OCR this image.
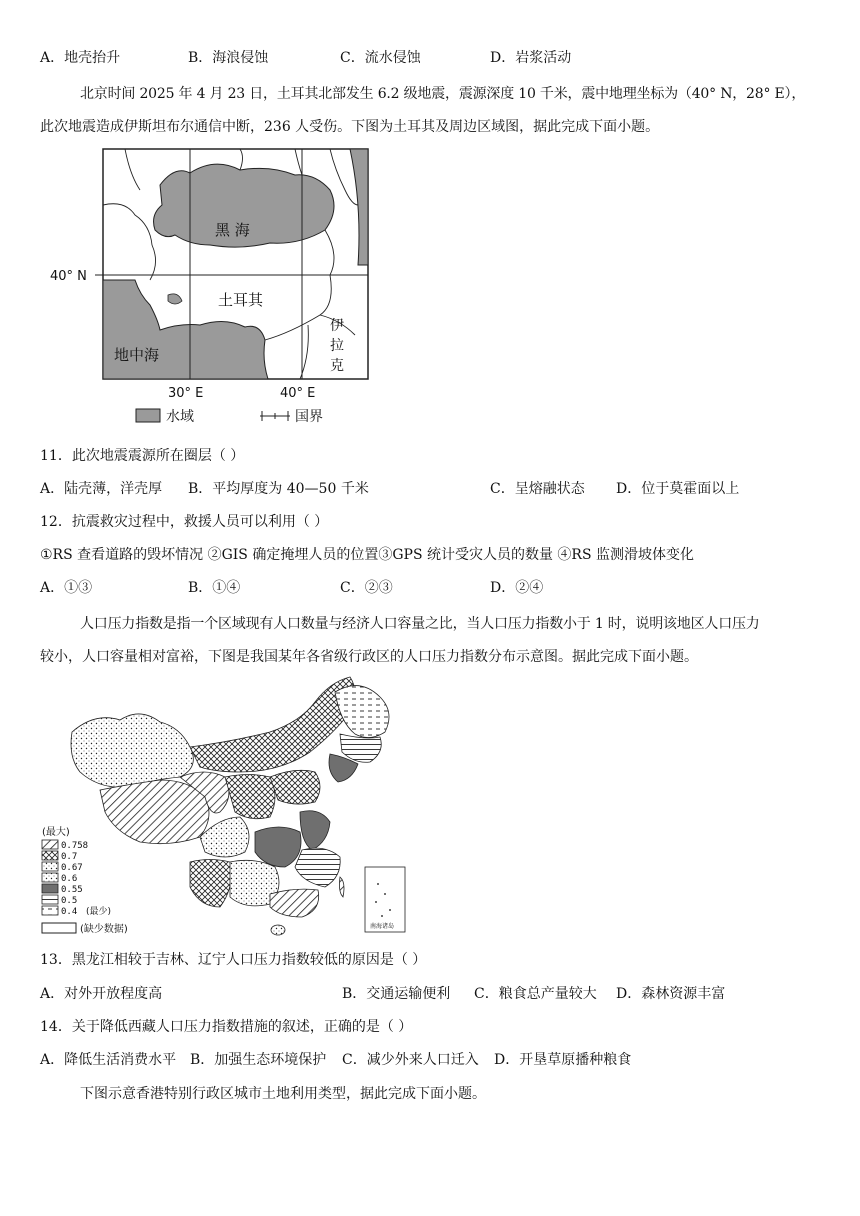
A．地壳抬升	B．海浪侵蚀	C．流水侵蚀	D．岩浆活动
北京时间 2025 年 4 月 23 日，土耳其北部发生 6.2 级地震，震源深度 10 千米，震中地理坐标为（40° N，28° E），
此次地震造成伊斯坦布尔通信中断，236 人受伤。下图为土耳其及周边区域图，据此完成下面小题。
黑 海
土耳其
地中海
伊
拉
克
40° N
30° E	40° E
水域	国界
11．此次地震震源所在圈层（ ）
A．陆壳薄，洋壳厚 B．平均厚度为 40—50 千米	C．呈熔融状态 D．位于莫霍面以上
12．抗震救灾过程中，救援人员可以利用（ ）
①RS 查看道路的毁坏情况 ②GIS 确定掩埋人员的位置③GPS 统计受灾人员的数量 ④RS 监测滑坡体变化
A．①③	B．①④	C．②③	D．②④
人口压力指数是指一个区域现有人口数量与经济人口容量之比，当人口压力指数小于 1 时，说明该地区人口压力
较小，人口容量相对富裕，下图是我国某年各省级行政区的人口压力指数分布示意图。据此完成下面小题。
南海诸岛
(最大)
0.758
0.7
0.67
0.6
0.55
0.5
0.4 (最少)
(缺少数据)
13．黑龙江相较于吉林、辽宁人口压力指数较低的原因是（ ）
A．对外开放程度高	B．交通运输便利 C．粮食总产量较大 D．森林资源丰富
14．关于降低西藏人口压力指数措施的叙述，正确的是（ ）
A．降低生活消费水平 B．加强生态环境保护 C．减少外来人口迁入 D．开垦草原播种粮食
下图示意香港特别行政区城市土地利用类型，据此完成下面小题。
